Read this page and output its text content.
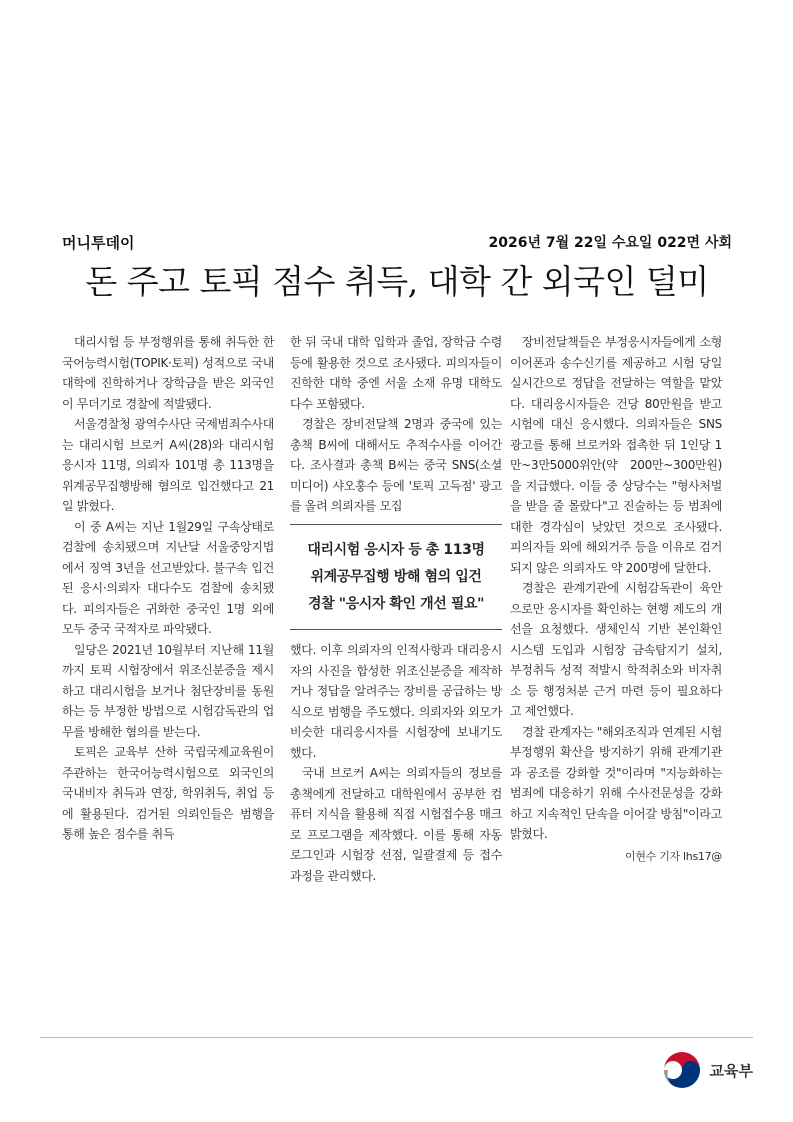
머니투데이	2026년 7월 22일 수요일 022면 사회
돈 주고 토픽 점수 취득, 대학 간 외국인 덜미

대리시험 등 부정행위를 통해 취득한 한국어능력시험(TOPIK·토픽) 성적으로 국내 대학에 진학하거나 장학금을 받은 외국인이 무더기로 경찰에 적발됐다.

서울경찰청 광역수사단 국제범죄수사대는 대리시험 브로커 A씨(28)와 대리시험 응시자 11명, 의뢰자 101명 총 113명을 위계공무집행방해 혐의로 입건했다고 21일 밝혔다.

이 중 A씨는 지난 1월29일 구속상태로 검찰에 송치됐으며 지난달 서울중앙지법에서 징역 3년을 선고받았다. 불구속 입건된 응시·의뢰자 대다수도 검찰에 송치됐다. 피의자들은 귀화한 중국인 1명 외에 모두 중국 국적자로 파악됐다.

일당은 2021년 10월부터 지난해 11월까지 토픽 시험장에서 위조신분증을 제시하고 대리시험을 보거나 첨단장비를 동원하는 등 부정한 방법으로 시험감독관의 업무를 방해한 혐의를 받는다.

토픽은 교육부 산하 국립국제교육원이 주관하는 한국어능력시험으로 외국인의 국내비자 취득과 연장, 학위취득, 취업 등에 활용된다. 검거된 의뢰인들은 범행을 통해 높은 점수를 취득

한 뒤 국내 대학 입학과 졸업, 장학금 수령 등에 활용한 것으로 조사됐다. 피의자들이 진학한 대학 중엔 서울 소재 유명 대학도 다수 포함됐다.

경찰은 장비전달책 2명과 중국에 있는 총책 B씨에 대해서도 추적수사를 이어간다. 조사결과 총책 B씨는 중국 SNS(소셜미디어) 샤오훙수 등에 '토픽 고득점' 광고를 올려 의뢰자를 모집

대리시험 응시자 등 총 113명
위계공무집행 방해 혐의 입건
경찰 "응시자 확인 개선 필요"

했다. 이후 의뢰자의 인적사항과 대리응시자의 사진을 합성한 위조신분증을 제작하거나 정답을 알려주는 장비를 공급하는 방식으로 범행을 주도했다. 의뢰자와 외모가 비슷한 대리응시자를 시험장에 보내기도 했다.

국내 브로커 A씨는 의뢰자들의 정보를 총책에게 전달하고 대학원에서 공부한 컴퓨터 지식을 활용해 직접 시험접수용 매크로 프로그램을 제작했다. 이를 통해 자동로그인과 시험장 선점, 일괄결제 등 접수과정을 관리했다.

장비전달책들은 부정응시자들에게 소형 이어폰과 송수신기를 제공하고 시험 당일 실시간으로 정답을 전달하는 역할을 맡았다. 대리응시자들은 건당 80만원을 받고 시험에 대신 응시했다. 의뢰자들은 SNS 광고를 통해 브로커와 접촉한 뒤 1인당 1만~3만5000위안(약 200만~300만원)을 지급했다. 이들 중 상당수는 "형사처벌을 받을 줄 몰랐다"고 진술하는 등 범죄에 대한 경각심이 낮았던 것으로 조사됐다. 피의자들 외에 해외거주 등을 이유로 검거되지 않은 의뢰자도 약 200명에 달한다.

경찰은 관계기관에 시험감독관이 육안으로만 응시자를 확인하는 현행 제도의 개선을 요청했다. 생체인식 기반 본인확인 시스템 도입과 시험장 금속탐지기 설치, 부정취득 성적 적발시 학적취소와 비자취소 등 행정처분 근거 마련 등이 필요하다고 제언했다.

경찰 관계자는 "해외조직과 연계된 시험 부정행위 확산을 방지하기 위해 관계기관과 공조를 강화할 것"이라며 "지능화하는 범죄에 대응하기 위해 수사전문성을 강화하고 지속적인 단속을 이어갈 방침"이라고 밝혔다.

이현수 기자 lhs17@
교육부
